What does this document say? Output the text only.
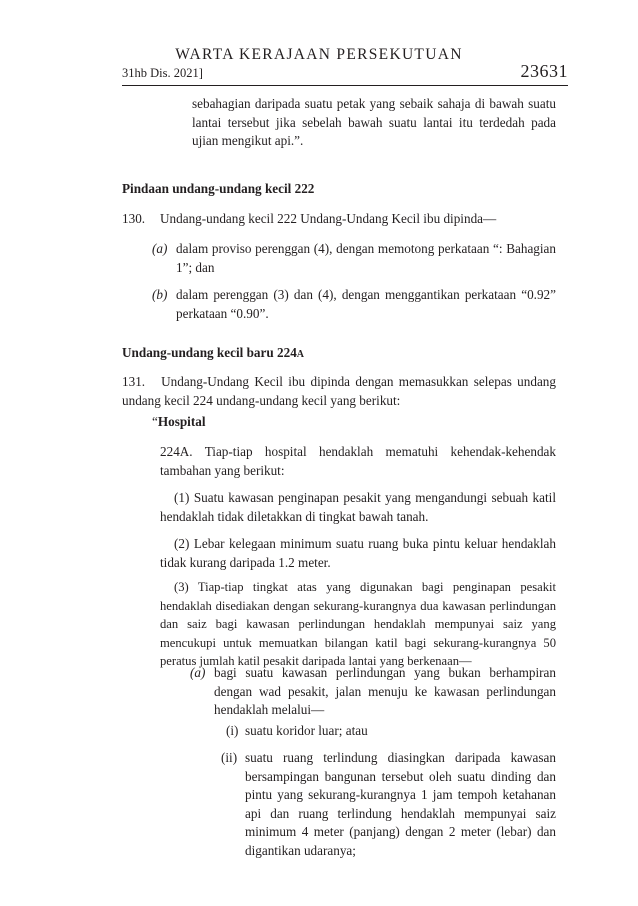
WARTA KERAJAAN PERSEKUTUAN
31hb Dis. 2021]	23631
sebahagian daripada suatu petak yang sebaik sahaja di bawah suatu lantai tersebut jika sebelah bawah suatu lantai itu terdedah pada ujian mengikut api.”.
Pindaan undang-undang kecil 222
130. Undang-undang kecil 222 Undang-Undang Kecil ibu dipinda—
(a) dalam proviso perenggan (4), dengan memotong perkataan “: Bahagian 1”; dan
(b) dalam perenggan (3) dan (4), dengan menggantikan perkataan “0.92” perkataan “0.90”.
Undang-undang kecil baru 224A
131. Undang-Undang Kecil ibu dipinda dengan memasukkan selepas undang undang kecil 224 undang-undang kecil yang berikut:
“Hospital
224A. Tiap-tiap hospital hendaklah mematuhi kehendak-kehendak tambahan yang berikut:
(1) Suatu kawasan penginapan pesakit yang mengandungi sebuah katil hendaklah tidak diletakkan di tingkat bawah tanah.
(2) Lebar kelegaan minimum suatu ruang buka pintu keluar hendaklah tidak kurang daripada 1.2 meter.
(3) Tiap-tiap tingkat atas yang digunakan bagi penginapan pesakit hendaklah disediakan dengan sekurang-kurangnya dua kawasan perlindungan dan saiz bagi kawasan perlindungan hendaklah mempunyai saiz yang mencukupi untuk memuatkan bilangan katil bagi sekurang-kurangnya 50 peratus jumlah katil pesakit daripada lantai yang berkenaan—
(a) bagi suatu kawasan perlindungan yang bukan berhampiran dengan wad pesakit, jalan menuju ke kawasan perlindungan hendaklah melalui—
(i) suatu koridor luar; atau
(ii) suatu ruang terlindung diasingkan daripada kawasan bersampingan bangunan tersebut oleh suatu dinding dan pintu yang sekurang-kurangnya 1 jam tempoh ketahanan api dan ruang terlindung hendaklah mempunyai saiz minimum 4 meter (panjang) dengan 2 meter (lebar) dan digantikan udaranya;
